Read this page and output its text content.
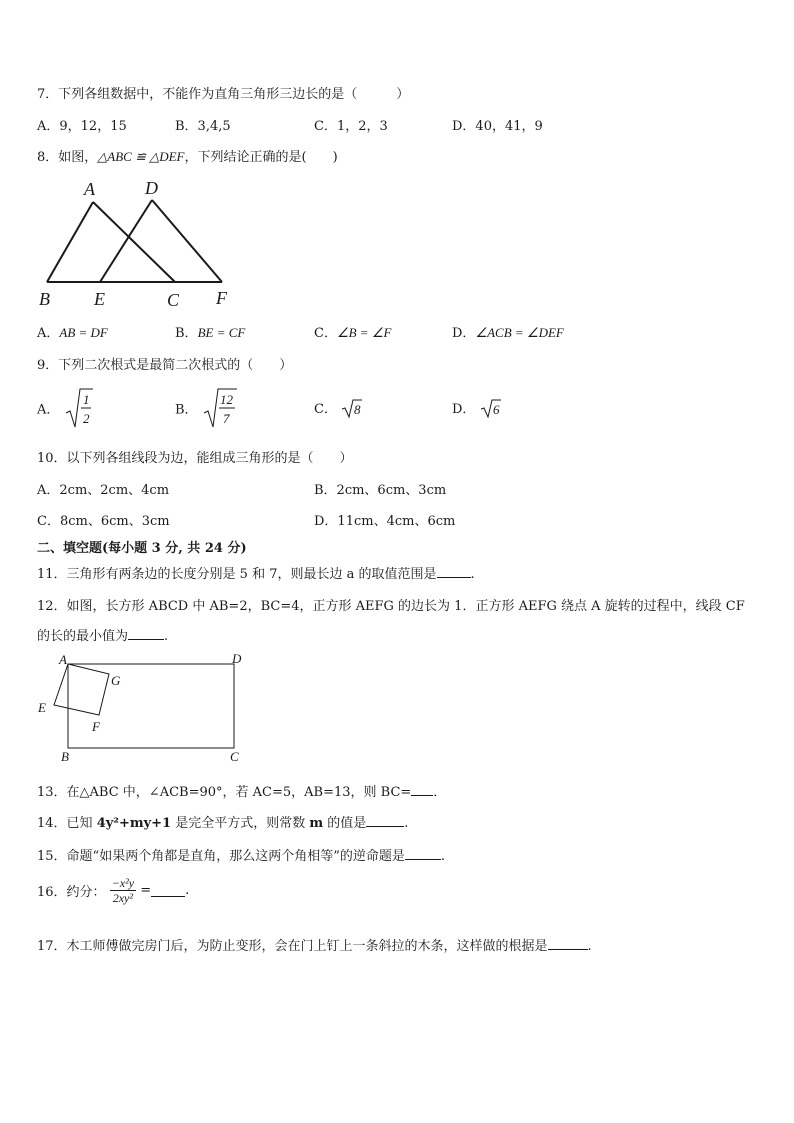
7．下列各组数据中，不能作为直角三角形三边长的是（　　　）
A．9，12，15	B．3,4,5	C．1，2，3	D．40，41，9
8．如图，△ABC ≌ △DEF，下列结论正确的是(　　)
A	D
B E	C F
A．AB = DF	B．BE = CF	C．∠B = ∠F	D．∠ACB = ∠DEF
9．下列二次根式是最简二次根式的（　　）
A．
1
2
B．
12
7
C． 8	D． 6
10．以下列各组线段为边，能组成三角形的是（　　）
A．2cm、2cm、4cm	B．2cm、6cm、3cm
C．8cm、6cm、3cm	D．11cm、4cm、6cm
二、填空题(每小题 3 分, 共 24 分)
11．三角形有两条边的长度分别是 5 和 7，则最长边 a 的取值范围是	.
12．如图，长方形 ABCD 中 AB=2，BC=4，正方形 AEFG 的边长为 1．正方形 AEFG 绕点 A 旋转的过程中，线段 CF
的长的最小值为	.
A	D
G
E
F
B	C
13．在△ABC 中，∠ACB=90°，若 AC=5，AB=13，则 BC= ．
14．已知 4y²+my+1 是完全平方式，则常数 m 的值是	.
15．命题“如果两个角都是直角，那么这两个角相等”的逆命题是	.
16．约分： $\frac{\text{−x²y}}{\text{2xy²}}$ =	.
17．木工师傅做完房门后，为防止变形，会在门上钉上一条斜拉的木条，这样做的根据是	.
